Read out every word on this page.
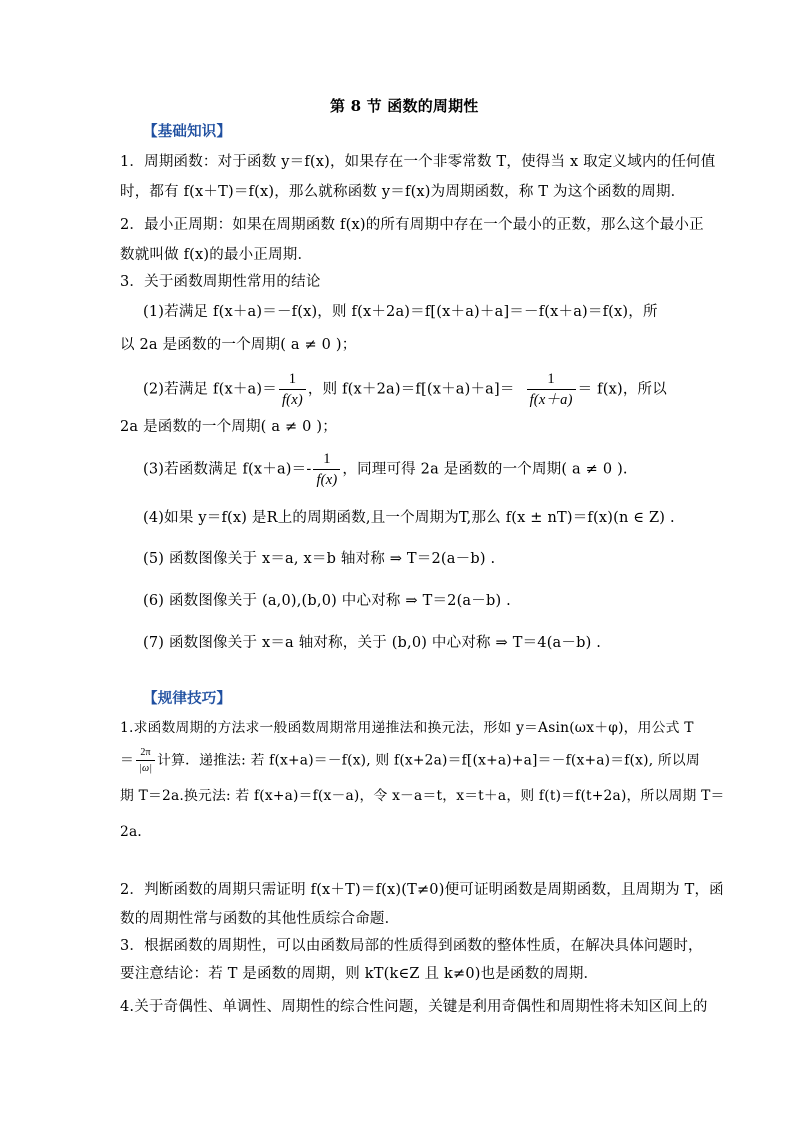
第 8 节 函数的周期性
【基础知识】
1．周期函数：对于函数 y＝f(x)，如果存在一个非零常数 T，使得当 x 取定义域内的任何值
时，都有 f(x＋T)＝f(x)，那么就称函数 y＝f(x)为周期函数，称 T 为这个函数的周期．
2．最小正周期：如果在周期函数 f(x)的所有周期中存在一个最小的正数，那么这个最小正
数就叫做 f(x)的最小正周期．
3．关于函数周期性常用的结论
(1)若满足 f(x＋a)＝－f(x)，则 f(x＋2a)＝f[(x＋a)＋a]＝－f(x＋a)＝f(x)，所
以 2a 是函数的一个周期( a ≠ 0 )；
(2)若满足 $f(x+a)= \frac{1}{f(x)}$ ，则 $f(x+2a)=f[(x+a)+a]= \frac{1}{f(x+a)} = f(x)$，所以
2a 是函数的一个周期( a ≠ 0 )；
(3)若函数满足 $f(x+a)=- \frac{1}{f(x)}$ ，同理可得 2a 是函数的一个周期( a ≠ 0 ).
(4)如果 y＝f(x) 是R上的周期函数,且一个周期为T,那么 f(x ± nT)＝f(x)(n ∈ Z) .
(5) 函数图像关于 x＝a, x＝b 轴对称 ⇒ T＝2(a－b) .
(6) 函数图像关于 (a,0),(b,0) 中心对称 ⇒ T＝2(a－b) .
(7) 函数图像关于 x＝a 轴对称，关于 (b,0) 中心对称 ⇒ T＝4(a－b) .
【规律技巧】
1.求函数周期的方法求一般函数周期常用递推法和换元法，形如 y＝Asin(ωx＋φ)，用公式 T
＝ $\frac{2\pi}{|\omega|}$ 计算．递推法: 若 f(x+a)＝－f(x), 则 f(x+2a)＝f[(x+a)+a]＝－f(x+a)＝f(x), 所以周
期 T＝2a.换元法: 若 f(x+a)＝f(x－a)，令 x－a＝t，x＝t＋a，则 f(t)＝f(t+2a)，所以周期 T＝
2a．
2．判断函数的周期只需证明 f(x＋T)＝f(x)(T≠0)便可证明函数是周期函数，且周期为 T，函
数的周期性常与函数的其他性质综合命题．
3．根据函数的周期性，可以由函数局部的性质得到函数的整体性质，在解决具体问题时，
要注意结论：若 T 是函数的周期，则 kT(k∈Z 且 k≠0)也是函数的周期．
4.关于奇偶性、单调性、周期性的综合性问题，关键是利用奇偶性和周期性将未知区间上的
